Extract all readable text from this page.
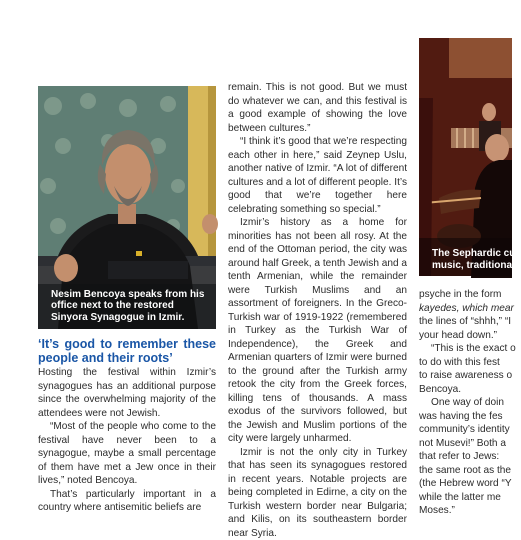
Nesim Bencoya speaks from his office next to the restored Sinyora Synagogue in Izmir.
‘It’s good to remember these people and their roots’

Hosting the festival within Izmir’s synagogues has an additional purpose since the overwhelming majority of the attendees were not Jewish.

“Most of the people who come to the festival have never been to a synagogue, maybe a small percentage of them have met a Jew once in their lives,” noted Bencoya.

That’s particularly important in a country where antisemitic beliefs are

remain. This is not good. But we must do whatever we can, and this festival is a good example of showing the love between cultures.”

“I think it’s good that we’re respecting each other in here,” said Zeynep Uslu, another native of Izmir. “A lot of different cultures and a lot of different people. It’s good that we’re together here celebrating something so special.”

Izmir’s history as a home for minorities has not been all rosy. At the end of the Ottoman period, the city was around half Greek, a tenth Jewish and a tenth Armenian, while the remainder were Turkish Muslims and an assortment of foreigners. In the Greco-Turkish war of 1919-1922 (remembered in Turkey as the Turkish War of Independence), the Greek and Armenian quarters of Izmir were burned to the ground after the Turkish army retook the city from the Greek forces, killing tens of thousands. A mass exodus of the survivors followed, but the Jewish and Muslim portions of the city were largely unharmed.

Izmir is not the only city in Turkey that has seen its synagogues restored in recent years. Notable projects are being completed in Edirne, a city on the Turkish western border near Bulgaria; and Kilis, on its southeastern border near Syria.

The Sephardic cul
music, traditional f

psyche in the form

kayedes, which mear

the lines of “shhh,” “I

your head down.”

“This is the exact o

to do with this fest

to raise awareness o

Bencoya.

One way of doin

was having the fes

community’s identity

not Musevi!” Both a

that refer to Jews:

the same root as the

(the Hebrew word “Y

while the latter me

Moses.”
